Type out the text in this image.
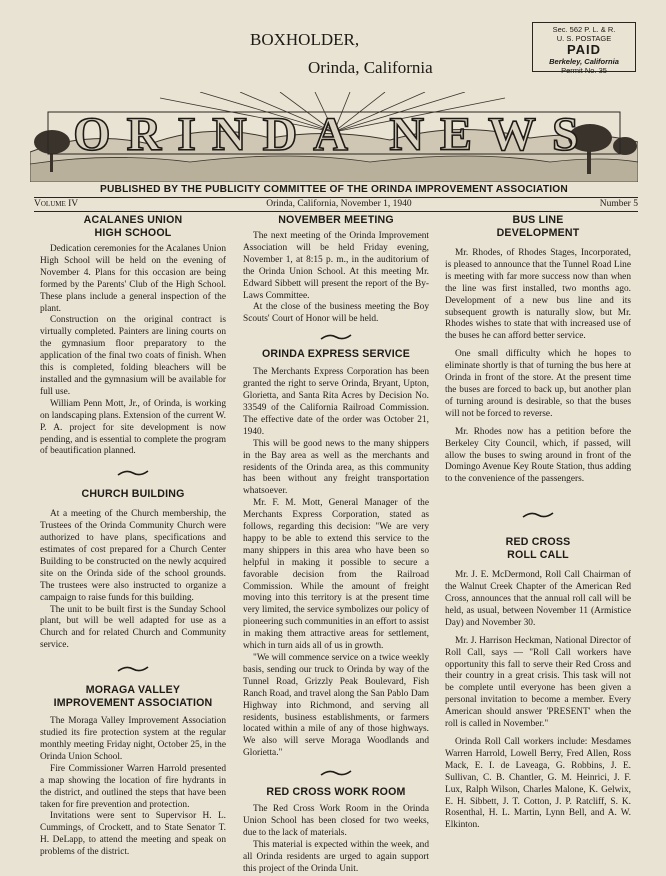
BOXHOLDER,
Orinda, California
Sec. 562 P. L. & R.
U. S. POSTAGE
PAID
Berkeley, California
Permit No. 35
ORINDA NEWS
PUBLISHED BY THE PUBLICITY COMMITTEE OF THE ORINDA IMPROVEMENT ASSOCIATION
Volume IV	Orinda, California, November 1, 1940	Number 5
ACALANES UNION
HIGH SCHOOL

Dedication ceremonies for the Acalanes Union High School will be held on the evening of November 4. Plans for this occasion are being formed by the Parents' Club of the High School. These plans include a general inspection of the plant.

Construction on the original contract is virtually completed. Painters are lining courts on the gymnasium floor preparatory to the application of the final two coats of finish. When this is completed, folding bleachers will be installed and the gymnasium will be available for full use.

William Penn Mott, Jr., of Orinda, is working on landscaping plans. Extension of the current W. P. A. project for site development is now pending, and is essential to complete the program of beautification planned.

CHURCH BUILDING

At a meeting of the Church membership, the Trustees of the Orinda Community Church were authorized to have plans, specifications and estimates of cost prepared for a Church Center Building to be constructed on the newly acquired site on the Orinda side of the school grounds. The trustees were also instructed to organize a campaign to raise funds for this building.

The unit to be built first is the Sunday School plant, but will be well adapted for use as a Church and for related Church and Community service.

MORAGA VALLEY
IMPROVEMENT ASSOCIATION

The Moraga Valley Improvement Association studied its fire protection system at the regular monthly meeting Friday night, October 25, in the Orinda Union School.

Fire Commissioner Warren Harrold presented a map showing the location of fire hydrants in the district, and outlined the steps that have been taken for fire prevention and protection.

Invitations were sent to Supervisor H. L. Cummings, of Crockett, and to State Senator T. H. DeLapp, to attend the meeting and speak on problems of the district.

NOVEMBER MEETING

The next meeting of the Orinda Improvement Association will be held Friday evening, November 1, at 8:15 p. m., in the auditorium of the Orinda Union School. At this meeting Mr. Edward Sibbett will present the report of the By-Laws Committee.

At the close of the business meeting the Boy Scouts' Court of Honor will be held.

ORINDA EXPRESS SERVICE

The Merchants Express Corporation has been granted the right to serve Orinda, Bryant, Upton, Glorietta, and Santa Rita Acres by Decision No. 33549 of the California Railroad Commission. The effective date of the order was October 21, 1940.

This will be good news to the many shippers in the Bay area as well as the merchants and residents of the Orinda area, as this community has been without any freight transportation whatsoever.

Mr. F. M. Mott, General Manager of the Merchants Express Corporation, stated as follows, regarding this decision: "We are very happy to be able to extend this service to the many shippers in this area who have been so helpful in making it possible to secure a favorable decision from the Railroad Commission. While the amount of freight moving into this territory is at the present time very limited, the service symbolizes our policy of pioneering such communities in an effort to assist in making them attractive areas for settlement, which in turn aids all of us in growth.

"We will commence service on a twice weekly basis, sending our truck to Orinda by way of the Tunnel Road, Grizzly Peak Boulevard, Fish Ranch Road, and travel along the San Pablo Dam Highway into Richmond, and serving all residents, business establishments, or farmers located within a mile of any of those highways. We also will serve Moraga Woodlands and Glorietta."

RED CROSS WORK ROOM

The Red Cross Work Room in the Orinda Union School has been closed for two weeks, due to the lack of materials.

This material is expected within the week, and all Orinda residents are urged to again support this project of the Orinda Unit.

BUS LINE
DEVELOPMENT

Mr. Rhodes, of Rhodes Stages, Incorporated, is pleased to announce that the Tunnel Road Line is meeting with far more success now than when the line was first installed, two months ago. Development of a new bus line and its subsequent growth is naturally slow, but Mr. Rhodes wishes to state that with increased use of the buses he can afford better service.

One small difficulty which he hopes to eliminate shortly is that of turning the bus here at Orinda in front of the store. At the present time the buses are forced to back up, but another plan of turning around is desirable, so that the buses will not be forced to reverse.

Mr. Rhodes now has a petition before the Berkeley City Council, which, if passed, will allow the buses to swing around in front of the Domingo Avenue Key Route Station, thus adding to the convenience of the passengers.

RED CROSS
ROLL CALL

Mr. J. E. McDermond, Roll Call Chairman of the Walnut Creek Chapter of the American Red Cross, announces that the annual roll call will be held, as usual, between November 11 (Armistice Day) and November 30.

Mr. J. Harrison Heckman, National Director of Roll Call, says — "Roll Call workers have opportunity this fall to serve their Red Cross and their country in a great crisis. This task will not be complete until everyone has been given a personal invitation to become a member. Every American should answer 'PRESENT' when the roll is called in November."

Orinda Roll Call workers include: Mesdames Warren Harrold, Lowell Berry, Fred Allen, Ross Mack, E. I. de Laveaga, G. Robbins, J. E. Sullivan, C. B. Chantler, G. M. Heinrici, J. F. Lux, Ralph Wilson, Charles Malone, K. Gelwix, E. H. Sibbett, J. T. Cotton, J. P. Ratcliff, S. K. Rosenthal, H. L. Martin, Lynn Bell, and A. W. Elkinton.
